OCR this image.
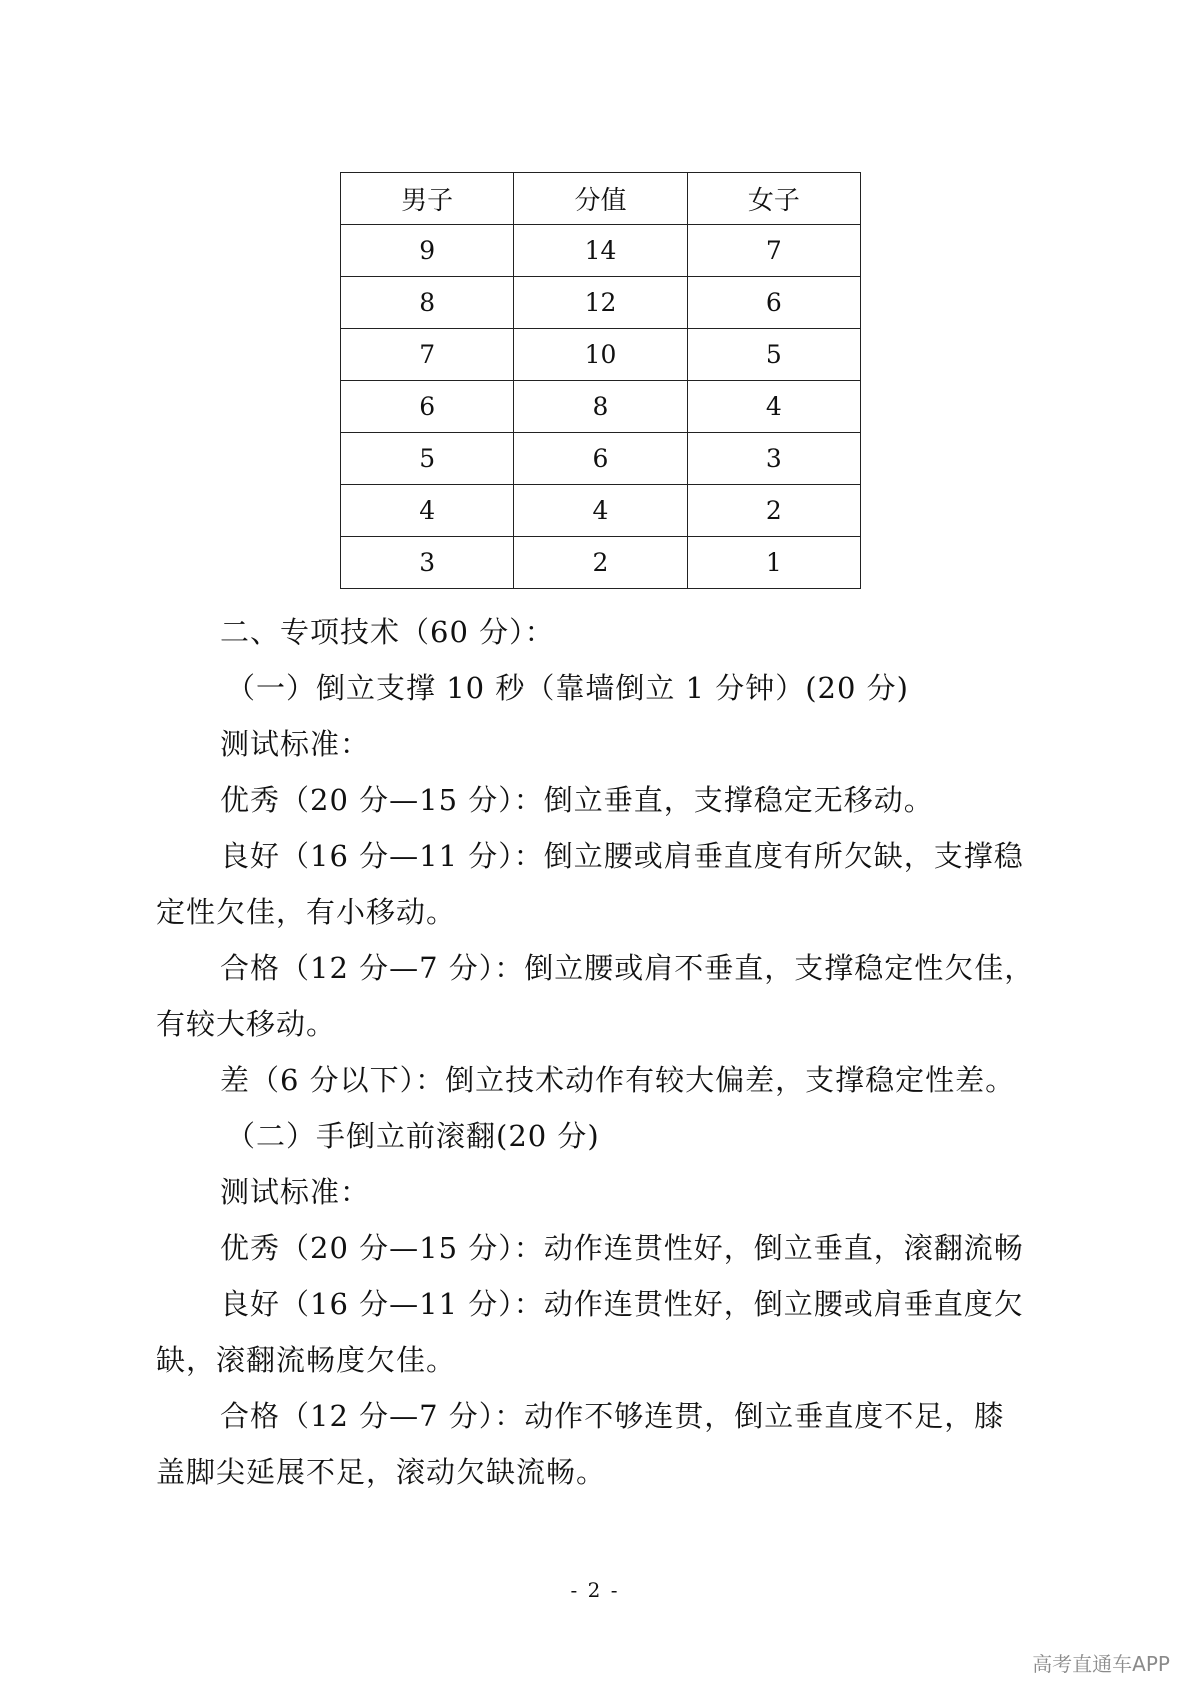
男子	分值	女子
9	14	7
8	12	6
7	10	5
6	8	4
5	6	3
4	4	2
3	2	1

二、专项技术（60 分）：

（一）倒立支撑 10 秒（靠墙倒立 1 分钟）(20 分)

测试标准：

优秀（20 分—15 分）：倒立垂直，支撑稳定无移动。

良好（16 分—11 分）：倒立腰或肩垂直度有所欠缺，支撑稳

定性欠佳，有小移动。

合格（12 分—7 分）：倒立腰或肩不垂直，支撑稳定性欠佳，

有较大移动。

差（6 分以下）：倒立技术动作有较大偏差，支撑稳定性差。

（二）手倒立前滚翻(20 分)

测试标准：

优秀（20 分—15 分）：动作连贯性好，倒立垂直，滚翻流畅

良好（16 分—11 分）：动作连贯性好，倒立腰或肩垂直度欠

缺，滚翻流畅度欠佳。

合格（12 分—7 分）：动作不够连贯，倒立垂直度不足，膝

盖脚尖延展不足，滚动欠缺流畅。

- 2 -
高考直通车APP
